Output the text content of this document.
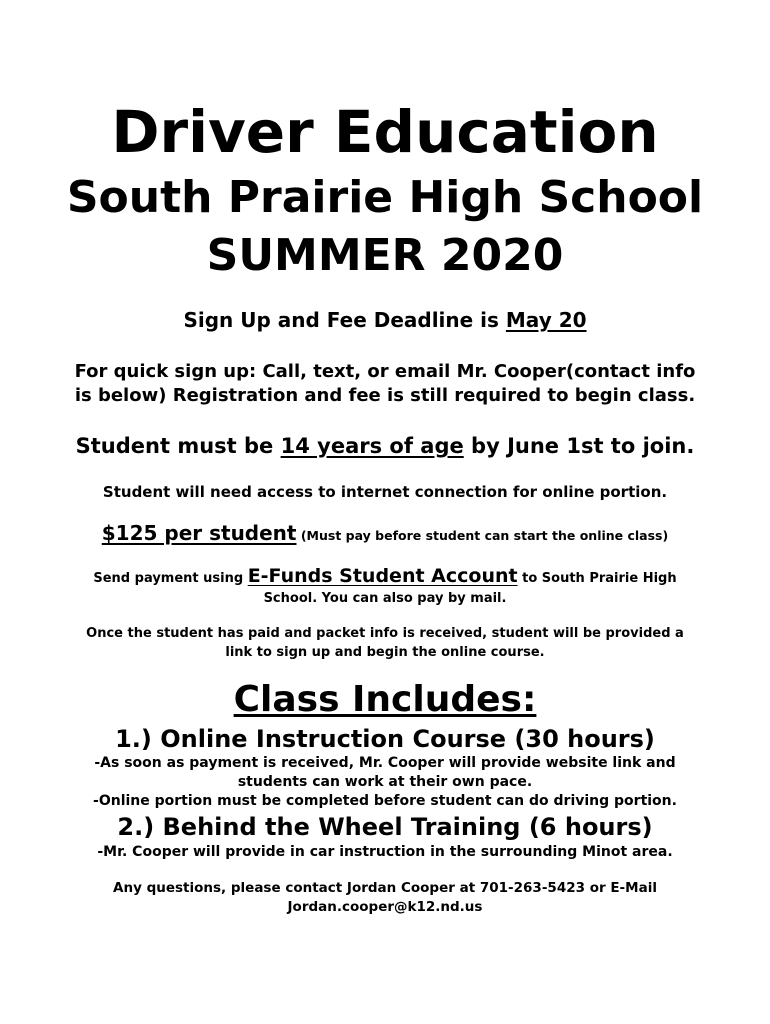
Driver Education
South Prairie High School
SUMMER 2020
Sign Up and Fee Deadline is May 20
For quick sign up: Call, text, or email Mr. Cooper(contact info
is below) Registration and fee is still required to begin class.
Student must be 14 years of age by June 1st to join.
Student will need access to internet connection for online portion.
$125 per student (Must pay before student can start the online class)
Send payment using E-Funds Student Account to South Prairie High
School. You can also pay by mail.
Once the student has paid and packet info is received, student will be provided a
link to sign up and begin the online course.
Class Includes:
1.) Online Instruction Course (30 hours)
-As soon as payment is received, Mr. Cooper will provide website link and
students can work at their own pace.
-Online portion must be completed before student can do driving portion.
2.) Behind the Wheel Training (6 hours)
-Mr. Cooper will provide in car instruction in the surrounding Minot area.
Any questions, please contact Jordan Cooper at 701-263-5423 or E-Mail
Jordan.cooper@k12.nd.us
